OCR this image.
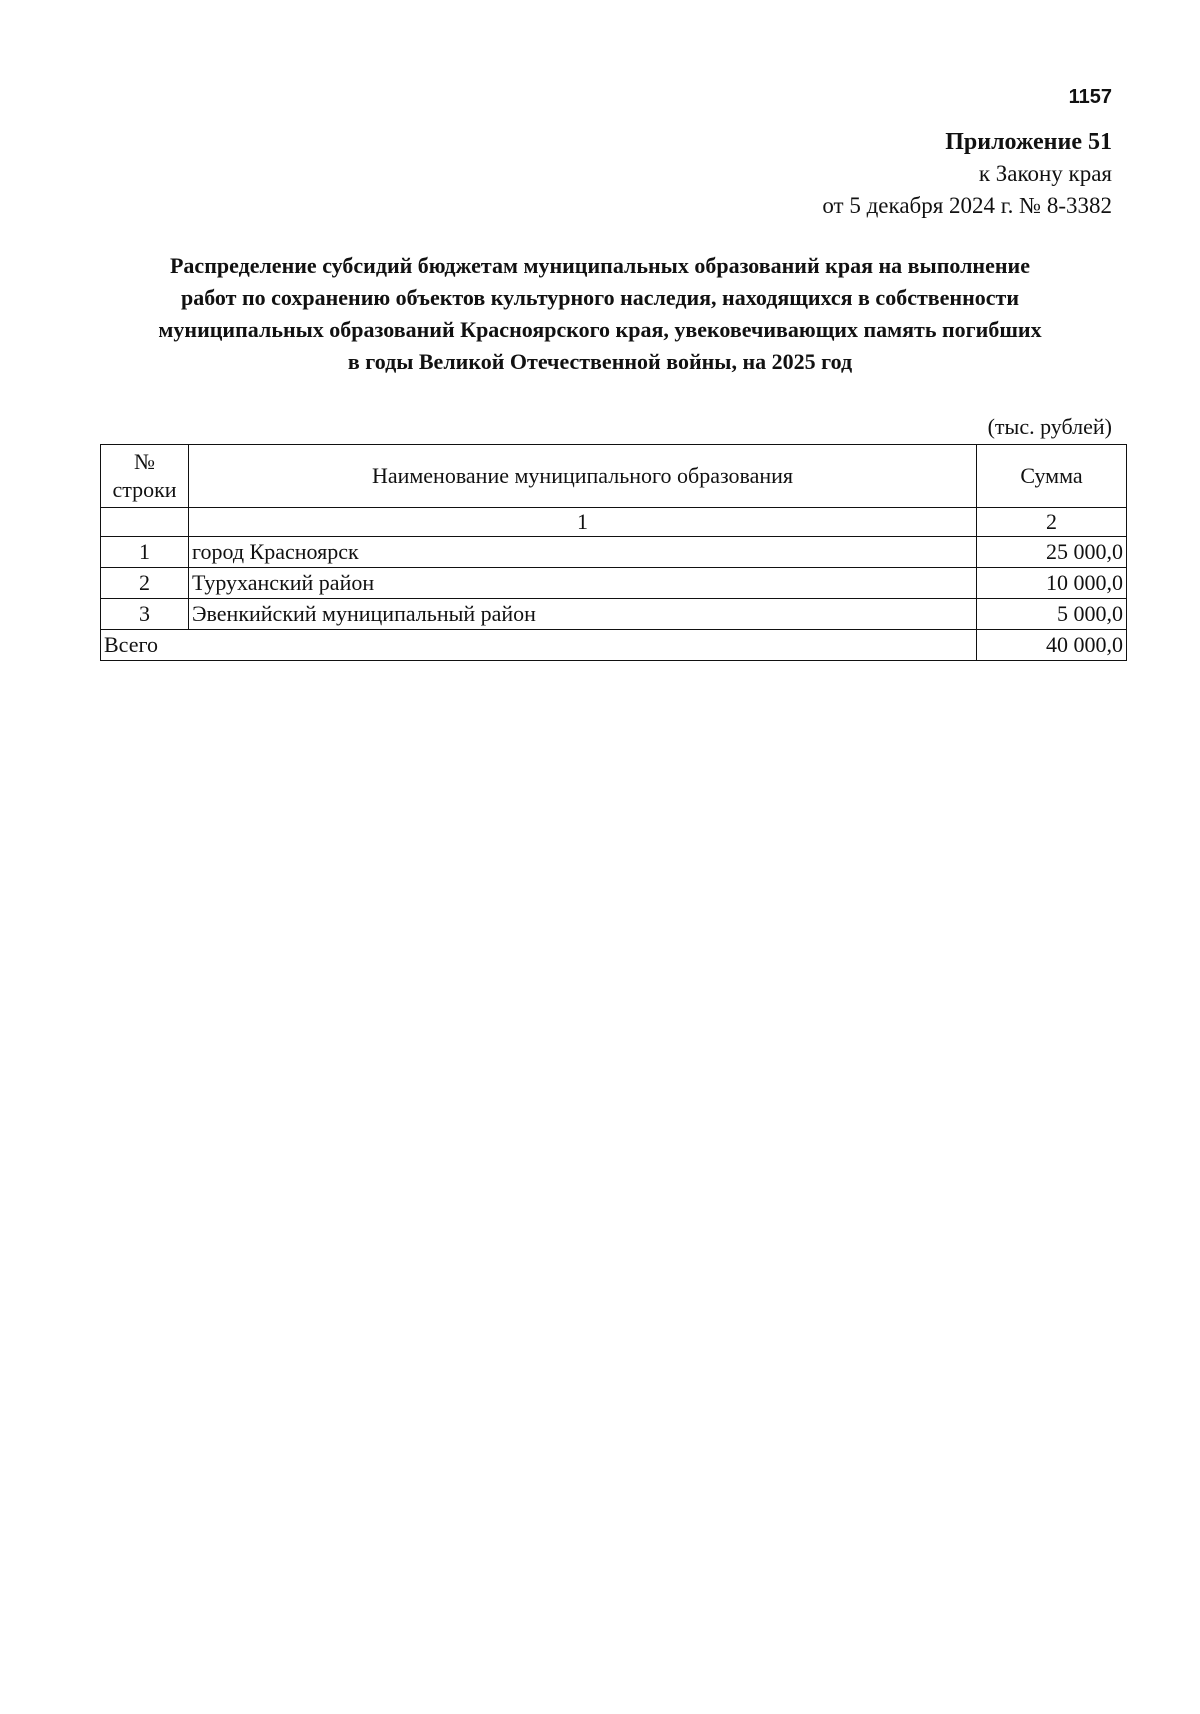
1157
Приложение 51
к Закону края
от 5 декабря 2024 г. № 8-3382
Распределение субсидий бюджетам муниципальных образований края на выполнение
работ по сохранению объектов культурного наследия, находящихся в собственности
муниципальных образований Красноярского края, увековечивающих память погибших
в годы Великой Отечественной войны, на 2025 год
(тыс. рублей)
№
строки	Наименование муниципального образования	Сумма
	1	2
1	город Красноярск	25 000,0
2	Туруханский район	10 000,0
3	Эвенкийский муниципальный район	5 000,0
Всего		40 000,0
